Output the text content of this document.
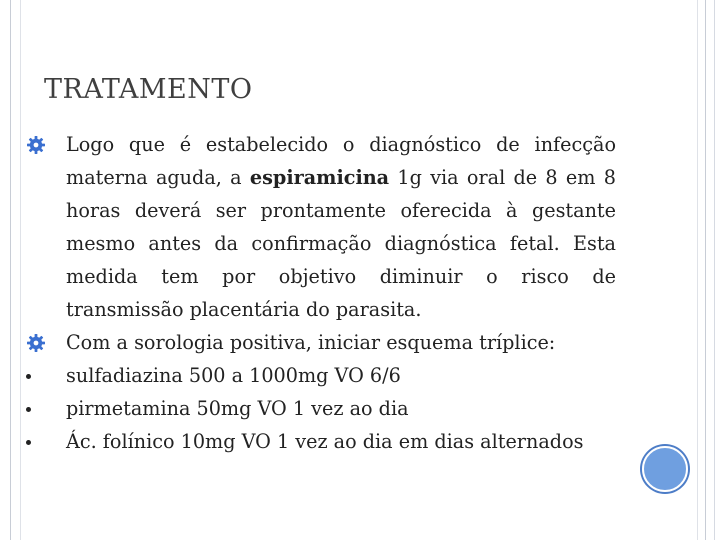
TRATAMENTO
Logo que é estabelecido o diagnóstico de infecção materna aguda, a espiramicina 1g via oral de 8 em 8 horas deverá ser prontamente oferecida à gestante mesmo antes da confirmação diagnóstica fetal. Esta medida tem por objetivo diminuir o risco de transmissão placentária do parasita.
Com a sorologia positiva, iniciar esquema tríplice:
sulfadiazina 500 a 1000mg VO 6/6
pirmetamina 50mg VO 1 vez ao dia
Ác. folínico 10mg VO 1 vez ao dia em dias alternados
